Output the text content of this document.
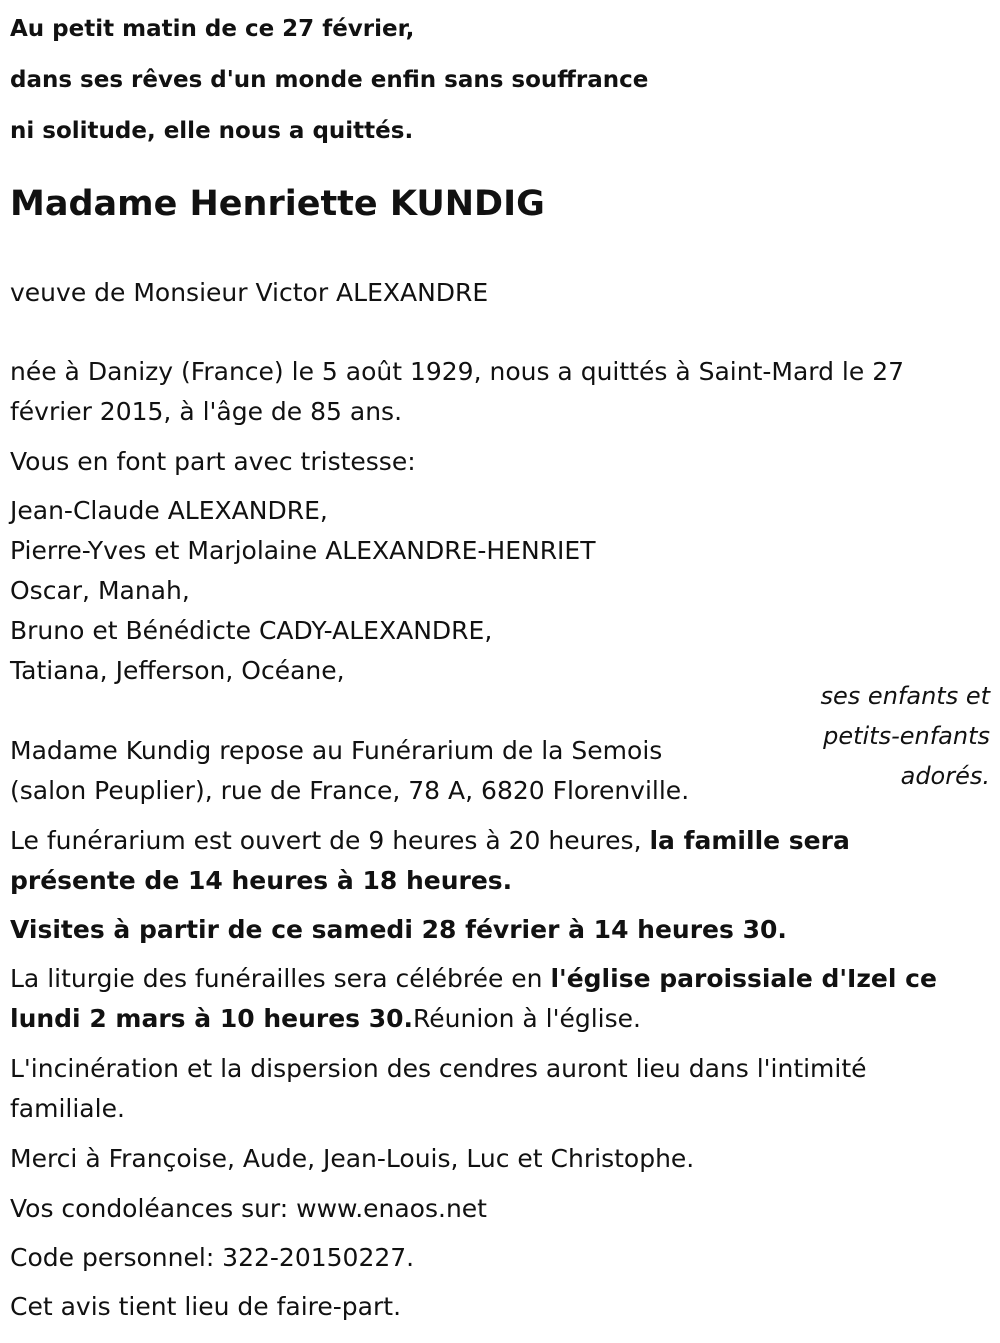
Au petit matin de ce 27 février,
dans ses rêves d'un monde enfin sans souffrance
ni solitude, elle nous a quittés.
Madame Henriette KUNDIG
veuve de Monsieur Victor ALEXANDRE
née à Danizy (France) le 5 août 1929, nous a quittés à Saint-Mard le 27
février 2015, à l'âge de 85 ans.
Vous en font part avec tristesse:
Jean-Claude ALEXANDRE,
Pierre-Yves et Marjolaine ALEXANDRE-HENRIET
Oscar, Manah,
Bruno et Bénédicte CADY-ALEXANDRE,
Tatiana, Jefferson, Océane,
ses enfants et
petits-enfants
adorés.
Madame Kundig repose au Funérarium de la Semois
(salon Peuplier), rue de France, 78 A, 6820 Florenville.
Le funérarium est ouvert de 9 heures à 20 heures, la famille sera
présente de 14 heures à 18 heures.
Visites à partir de ce samedi 28 février à 14 heures 30.
La liturgie des funérailles sera célébrée en l'église paroissiale d'Izel ce
lundi 2 mars à 10 heures 30.Réunion à l'église.
L'incinération et la dispersion des cendres auront lieu dans l'intimité
familiale.
Merci à Françoise, Aude, Jean-Louis, Luc et Christophe.
Vos condoléances sur: www.enaos.net
Code personnel: 322-20150227.
Cet avis tient lieu de faire-part.
